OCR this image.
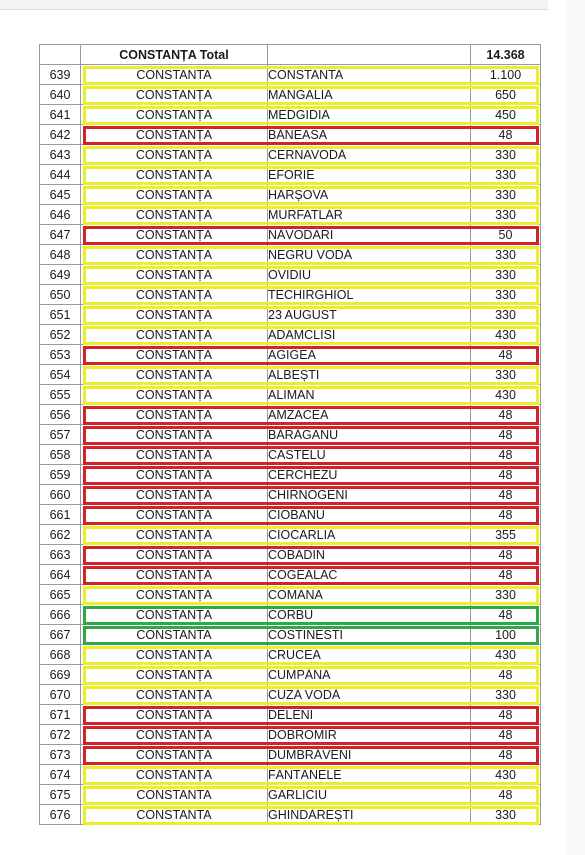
	CONSTANȚA Total		14.368
639	CONSTANTA	CONSTANTA	1.100
640	CONSTANȚA	MANGALIA	650
641	CONSTANȚA	MEDGIDIA	450
642	CONSTANȚA	BĂNEASA	48
643	CONSTANȚA	CERNAVODĂ	330
644	CONSTANȚA	EFORIE	330
645	CONSTANȚA	HÂRȘOVA	330
646	CONSTANȚA	MURFATLAR	330
647	CONSTANȚA	NĂVODARI	50
648	CONSTANȚA	NEGRU VODĂ	330
649	CONSTANȚA	OVIDIU	330
650	CONSTANȚA	TECHIRGHIOL	330
651	CONSTANȚA	23 AUGUST	330
652	CONSTANȚA	ADAMCLISI	430
653	CONSTANȚA	AGIGEA	48
654	CONSTANȚA	ALBEȘTI	330
655	CONSTANȚA	ALIMAN	430
656	CONSTANȚA	AMZACEA	48
657	CONSTANȚA	BĂRĂGANU	48
658	CONSTANȚA	CASTELU	48
659	CONSTANȚA	CERCHEZU	48
660	CONSTANȚA	CHIRNOGENI	48
661	CONSTANȚA	CIOBANU	48
662	CONSTANȚA	CIOCÂRLIA	355
663	CONSTANȚA	COBADIN	48
664	CONSTANȚA	COGEALAC	48
665	CONSTANȚA	COMANA	330
666	CONSTANȚA	CORBU	48
667	CONSTANTA	COSTINESTI	100
668	CONSTANȚA	CRUCEA	430
669	CONSTANȚA	CUMPĂNA	48
670	CONSTANȚA	CUZA VODĂ	330
671	CONSTANȚA	DELENI	48
672	CONSTANȚA	DOBROMIR	48
673	CONSTANȚA	DUMBRĂVENI	48
674	CONSTANȚA	FÂNTÂNELE	430
675	CONSTANTA	GÂRLICIU	48
676	CONSTANTA	GHINDĂREȘTI	330
